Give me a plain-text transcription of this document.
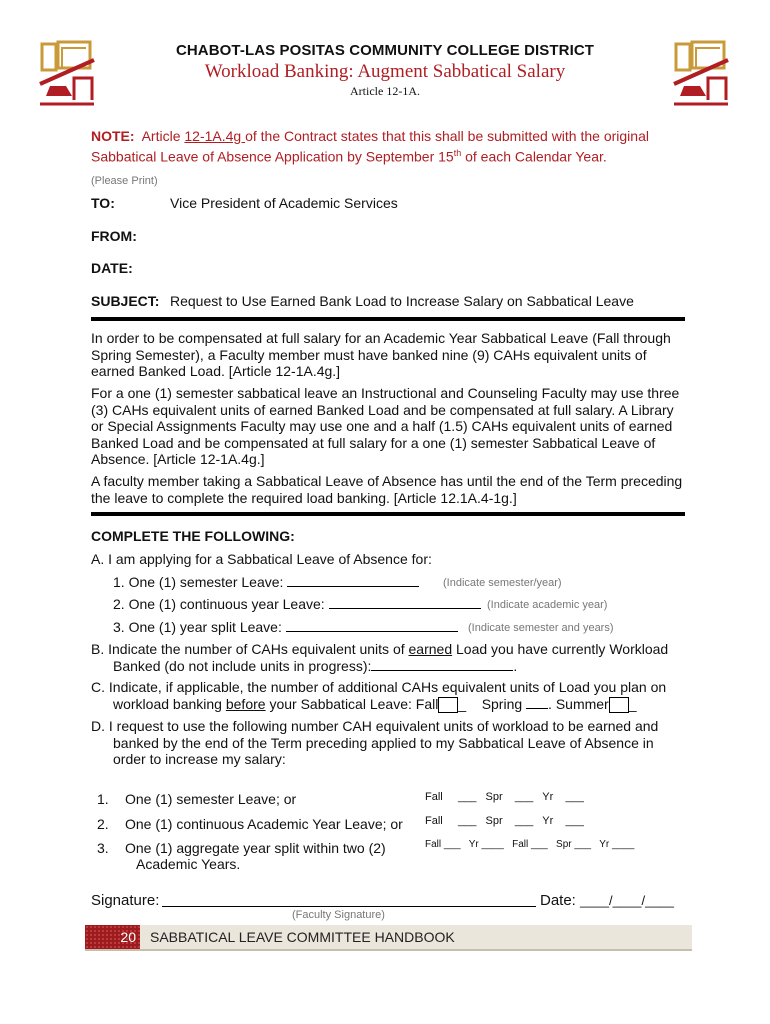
CHABOT-LAS POSITAS COMMUNITY COLLEGE DISTRICT
Workload Banking: Augment Sabbatical Salary
Article 12-1A.
NOTE: Article 12-1A.4g of the Contract states that this shall be submitted with the original
Sabbatical Leave of Absence Application by September 15th of each Calendar Year.
(Please Print)
TO:	Vice President of Academic Services
FROM:
DATE:
SUBJECT: Request to Use Earned Bank Load to Increase Salary on Sabbatical Leave
In order to be compensated at full salary for an Academic Year Sabbatical Leave (Fall through
Spring Semester), a Faculty member must have banked nine (9) CAHs equivalent units of
earned Banked Load. [Article 12-1A.4g.]
For a one (1) semester sabbatical leave an Instructional and Counseling Faculty may use three
(3) CAHs equivalent units of earned Banked Load and be compensated at full salary. A Library
or Special Assignments Faculty may use one and a half (1.5) CAHs equivalent units of earned
Banked Load and be compensated at full salary for a one (1) semester Sabbatical Leave of
Absence. [Article 12-1A.4g.]
A faculty member taking a Sabbatical Leave of Absence has until the end of the Term preceding
the leave to complete the required load banking. [Article 12.1A.4-1g.]
COMPLETE THE FOLLOWING:
A. I am applying for a Sabbatical Leave of Absence for:
1. One (1) semester Leave:	(Indicate semester/year)
2. One (1) continuous year Leave:	(Indicate academic year)
3. One (1) year split Leave:	(Indicate semester and years)
B. Indicate the number of CAHs equivalent units of earned Load you have currently Workload
Banked (do not include units in progress):	.
C. Indicate, if applicable, the number of additional CAHs equivalent units of Load you plan on
workload banking before your Sabbatical Leave: Fall _    Spring . Summer _
D. I request to use the following number CAH equivalent units of workload to be earned and
banked by the end of the Term preceding applied to my Sabbatical Leave of Absence in
order to increase my salary:
1. One (1) semester Leave; or	Fall     ___   Spr    ___   Yr    ___
2. One (1) continuous Academic Year Leave; or Fall     ___   Spr    ___   Yr    ___
3. One (1) aggregate year split within two (2)
Academic Years.
Fall ___   Yr ____   Fall ___   Spr ___   Yr ____
Signature:	Date: ____/____/____
(Faculty Signature)
20 SABBATICAL LEAVE COMMITTEE HANDBOOK
